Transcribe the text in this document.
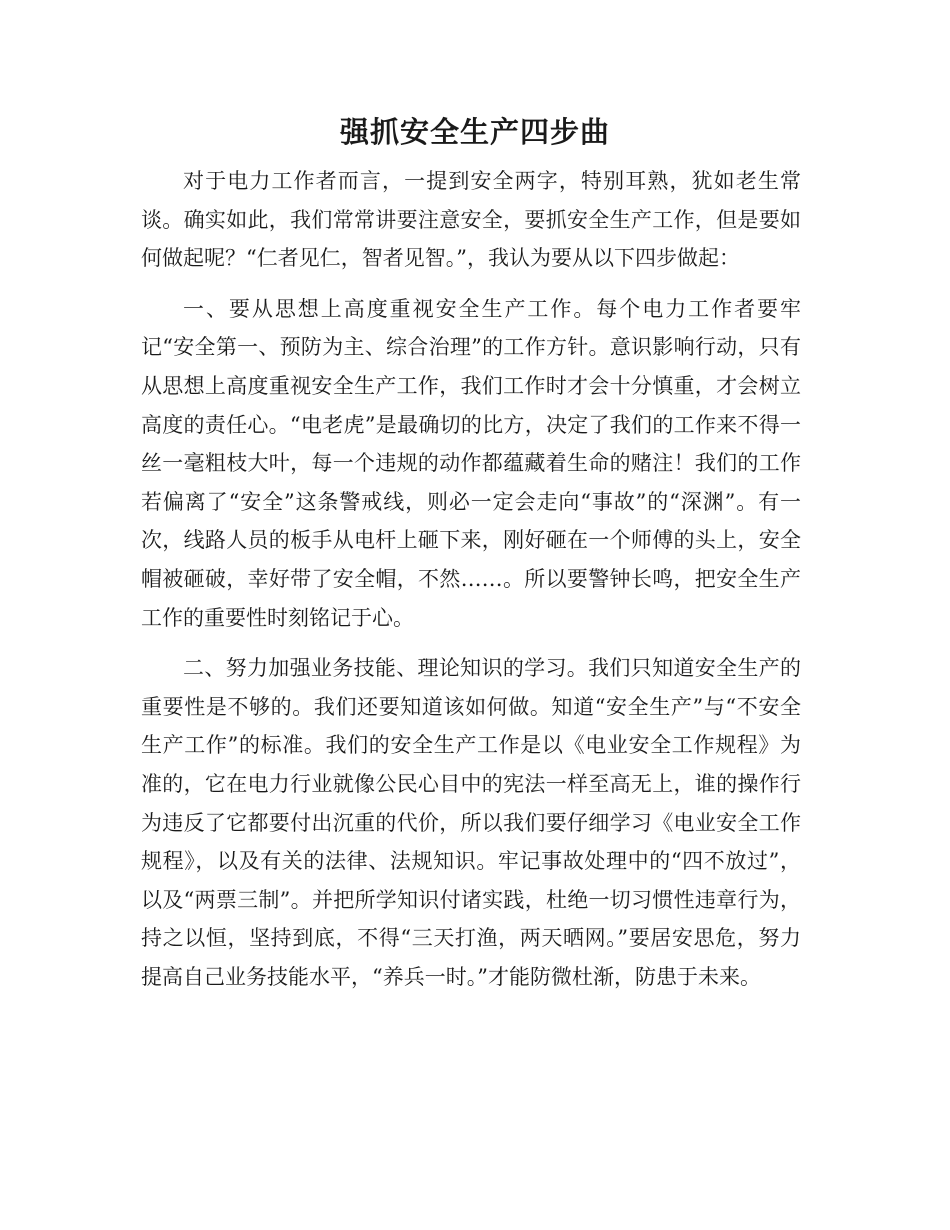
强抓安全生产四步曲

对于电力工作者而言，一提到安全两字，特别耳熟，犹如老生常谈。确实如此，我们常常讲要注意安全，要抓安全生产工作，但是要如何做起呢？“仁者见仁，智者见智。”，我认为要从以下四步做起：

一、要从思想上高度重视安全生产工作。每个电力工作者要牢记“安全第一、预防为主、综合治理”的工作方针。意识影响行动，只有从思想上高度重视安全生产工作，我们工作时才会十分慎重，才会树立高度的责任心。“电老虎”是最确切的比方，决定了我们的工作来不得一丝一毫粗枝大叶，每一个违规的动作都蕴藏着生命的赌注！我们的工作若偏离了“安全”这条警戒线，则必一定会走向“事故”的“深渊”。有一次，线路人员的板手从电杆上砸下来，刚好砸在一个师傅的头上，安全帽被砸破，幸好带了安全帽，不然……。所以要警钟长鸣，把安全生产工作的重要性时刻铭记于心。

二、努力加强业务技能、理论知识的学习。我们只知道安全生产的重要性是不够的。我们还要知道该如何做。知道“安全生产”与“不安全生产工作”的标准。我们的安全生产工作是以《电业安全工作规程》为准的，它在电力行业就像公民心目中的宪法一样至高无上，谁的操作行为违反了它都要付出沉重的代价，所以我们要仔细学习《电业安全工作规程》，以及有关的法律、法规知识。牢记事故处理中的“四不放过”，以及“两票三制”。并把所学知识付诸实践，杜绝一切习惯性违章行为，持之以恒，坚持到底，不得“三天打渔，两天晒网。”要居安思危，努力提高自己业务技能水平，“养兵一时。”才能防微杜渐，防患于未来。
